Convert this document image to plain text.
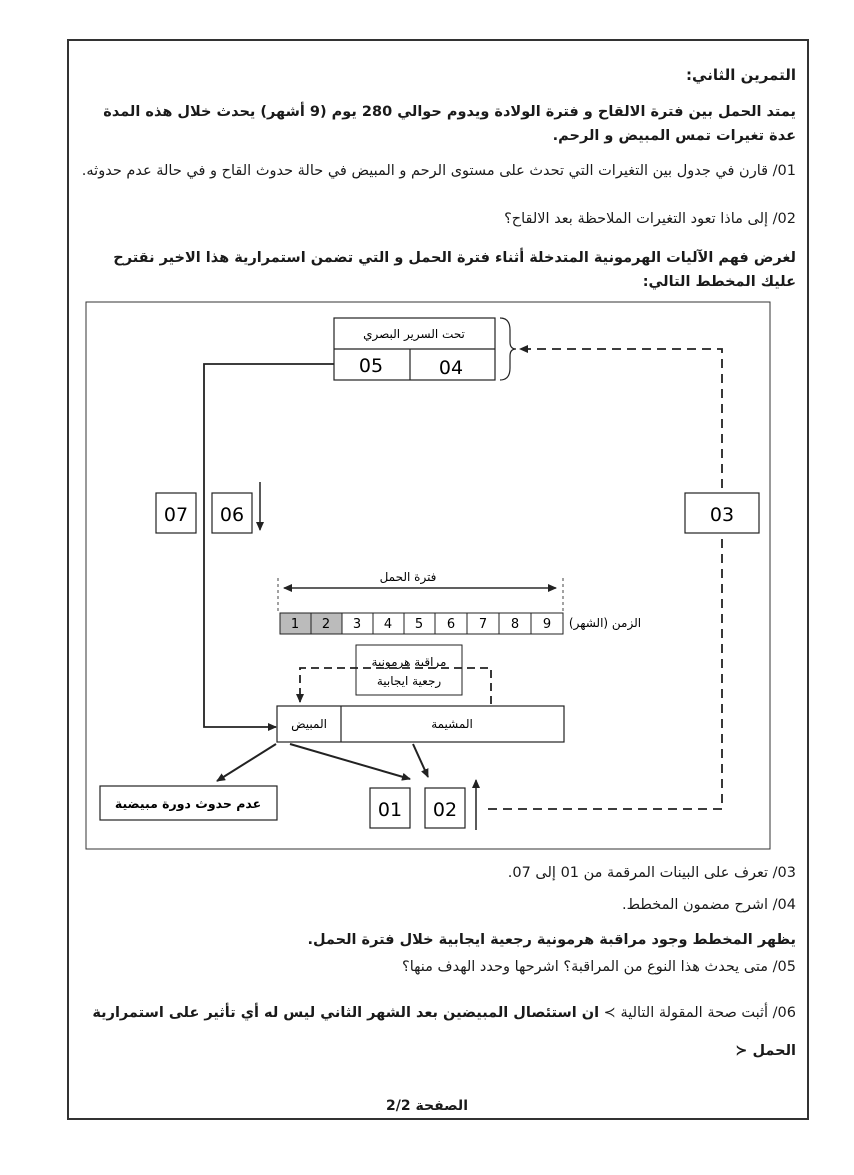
التمرين الثاني:
يمتد الحمل بين فترة الالقاح و فترة الولادة ويدوم حوالي 280 يوم (9 أشهر) يحدث خلال هذه المدة عدة تغيرات تمس المبيض و الرحم.
01/ قارن في جدول بين التغيرات التي تحدث على مستوى الرحم و المبيض في حالة حدوث القاح و في حالة عدم حدوثه.
02/ إلى ماذا تعود التغيرات الملاحظة بعد الالقاح؟
لغرض فهم الآليات الهرمونية المتدخلة أثناء فترة الحمل و التي تضمن استمرارية هذا الاخير نقترح عليك المخطط التالي:
تحت السرير البصري
05	04
03
07 06
فترة الحمل
1 2 3 4 5 6 7 8 9 الزمن (الشهر)
مراقبة هرمونية
رجعية ايجابية
المبيض	المشيمة
عدم حدوث دورة مبيضية	01 02
03/ تعرف على البينات المرقمة من 01 إلى 07.
04/ اشرح مضمون المخطط.
يظهر المخطط وجود مراقبة هرمونية رجعية ايجابية خلال فترة الحمل.
05/ متى يحدث هذا النوع من المراقبة؟ اشرحها وحدد الهدف منها؟
06/ أثبت صحة المقولة التالية ≻ ان استئصال المبيضين بعد الشهر الثاني ليس له أي تأثير على استمرارية الحمل ≺
الصفحة 2/2
